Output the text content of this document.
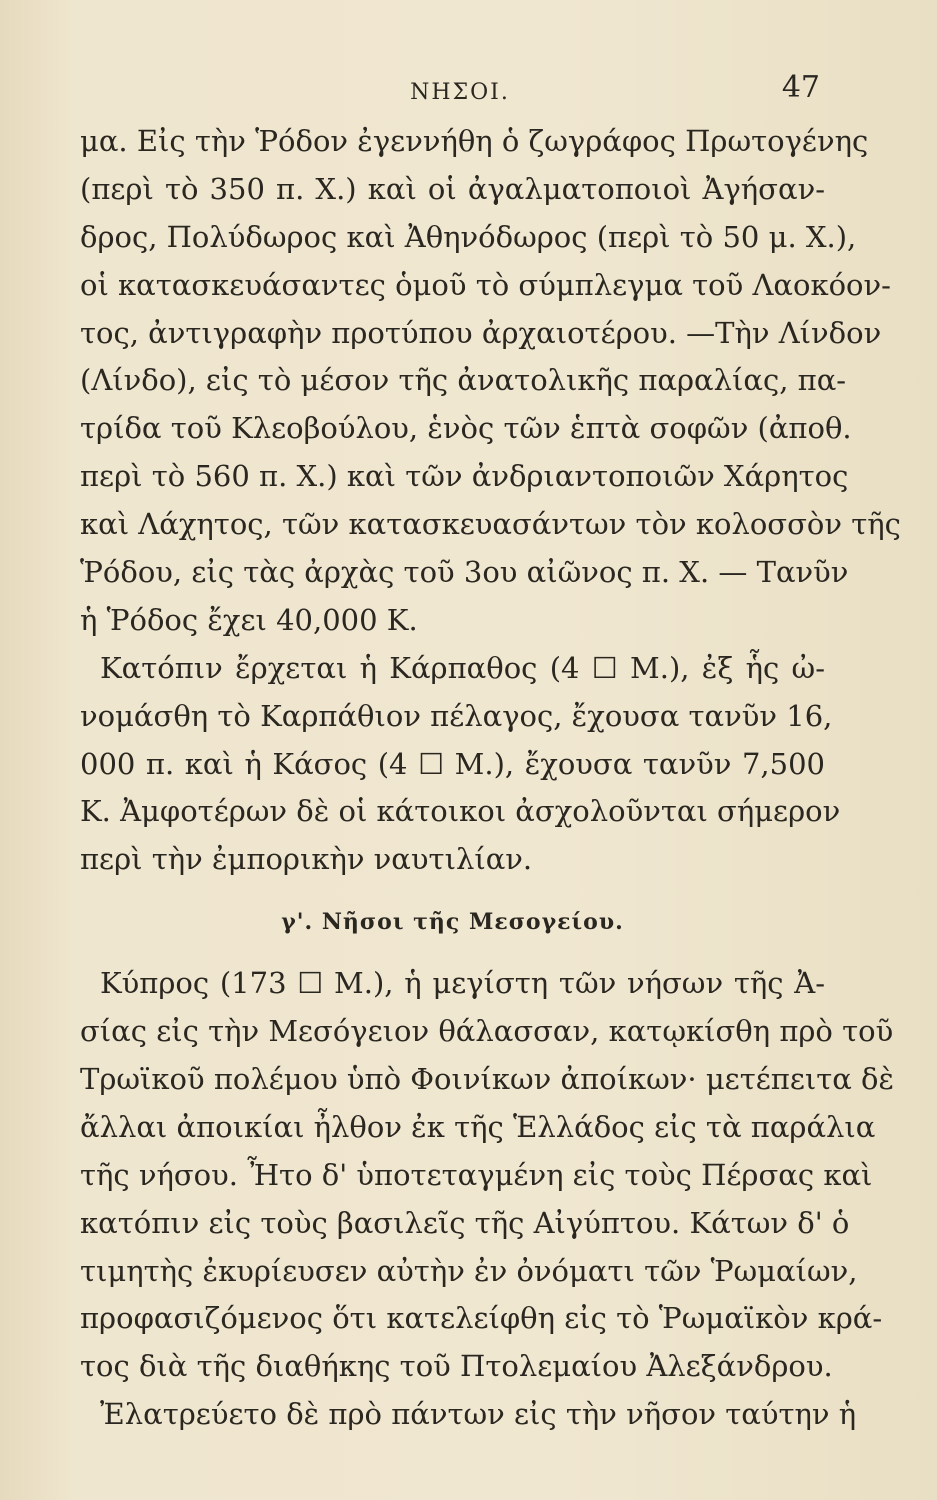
ΝΗΣΟΙ.	47
μα. Εἰς τὴν Ῥόδον ἐγεννήθη ὁ ζωγράφος Πρωτογένης
(περὶ τὸ 350 π. Χ.) καὶ οἱ ἀγαλματοποιοὶ Ἀγήσαν-
δρος, Πολύδωρος καὶ Ἀθηνόδωρος (περὶ τὸ 50 μ. Χ.),
οἱ κατασκευάσαντες ὁμοῦ τὸ σύμπλεγμα τοῦ Λαοκόον-
τος, ἀντιγραφὴν προτύπου ἀρχαιοτέρου. —Τὴν Λίνδον
(Λίνδο), εἰς τὸ μέσον τῆς ἀνατολικῆς παραλίας, πα-
τρίδα τοῦ Κλεοβούλου, ἑνὸς τῶν ἑπτὰ σοφῶν (ἀποθ.
περὶ τὸ 560 π. Χ.) καὶ τῶν ἀνδριαντοποιῶν Χάρητος
καὶ Λάχητος, τῶν κατασκευασάντων τὸν κολοσσὸν τῆς
Ῥόδου, εἰς τὰς ἀρχὰς τοῦ 3ου αἰῶνος π. Χ. — Τανῦν
ἡ Ῥόδος ἔχει 40,000 Κ.
Κατόπιν ἔρχεται ἡ Κάρπαθος (4 ☐ Μ.), ἐξ ἧς ὠ-
νομάσθη τὸ Καρπάθιον πέλαγος, ἔχουσα τανῦν 16,
000 π. καὶ ἡ Κάσος (4 ☐ Μ.), ἔχουσα τανῦν 7,500
Κ. Ἀμφοτέρων δὲ οἱ κάτοικοι ἀσχολοῦνται σήμερον
περὶ τὴν ἐμπορικὴν ναυτιλίαν.
γ'. Νῆσοι τῆς Μεσογείου.
Κύπρος (173 ☐ Μ.), ἡ μεγίστη τῶν νήσων τῆς Ἀ-
σίας εἰς τὴν Μεσόγειον θάλασσαν, κατῳκίσθη πρὸ τοῦ
Τρωϊκοῦ πολέμου ὑπὸ Φοινίκων ἀποίκων· μετέπειτα δὲ
ἄλλαι ἀποικίαι ἦλθον ἐκ τῆς Ἑλλάδος εἰς τὰ παράλια
τῆς νήσου. Ἦτο δ' ὑποτεταγμένη εἰς τοὺς Πέρσας καὶ
κατόπιν εἰς τοὺς βασιλεῖς τῆς Αἰγύπτου. Κάτων δ' ὁ
τιμητὴς ἐκυρίευσεν αὐτὴν ἐν ὀνόματι τῶν Ῥωμαίων,
προφασιζόμενος ὅτι κατελείφθη εἰς τὸ Ῥωμαϊκὸν κρά-
τος διὰ τῆς διαθήκης τοῦ Πτολεμαίου Ἀλεξάνδρου.
Ἐλατρεύετο δὲ πρὸ πάντων εἰς τὴν νῆσον ταύτην ἡ
